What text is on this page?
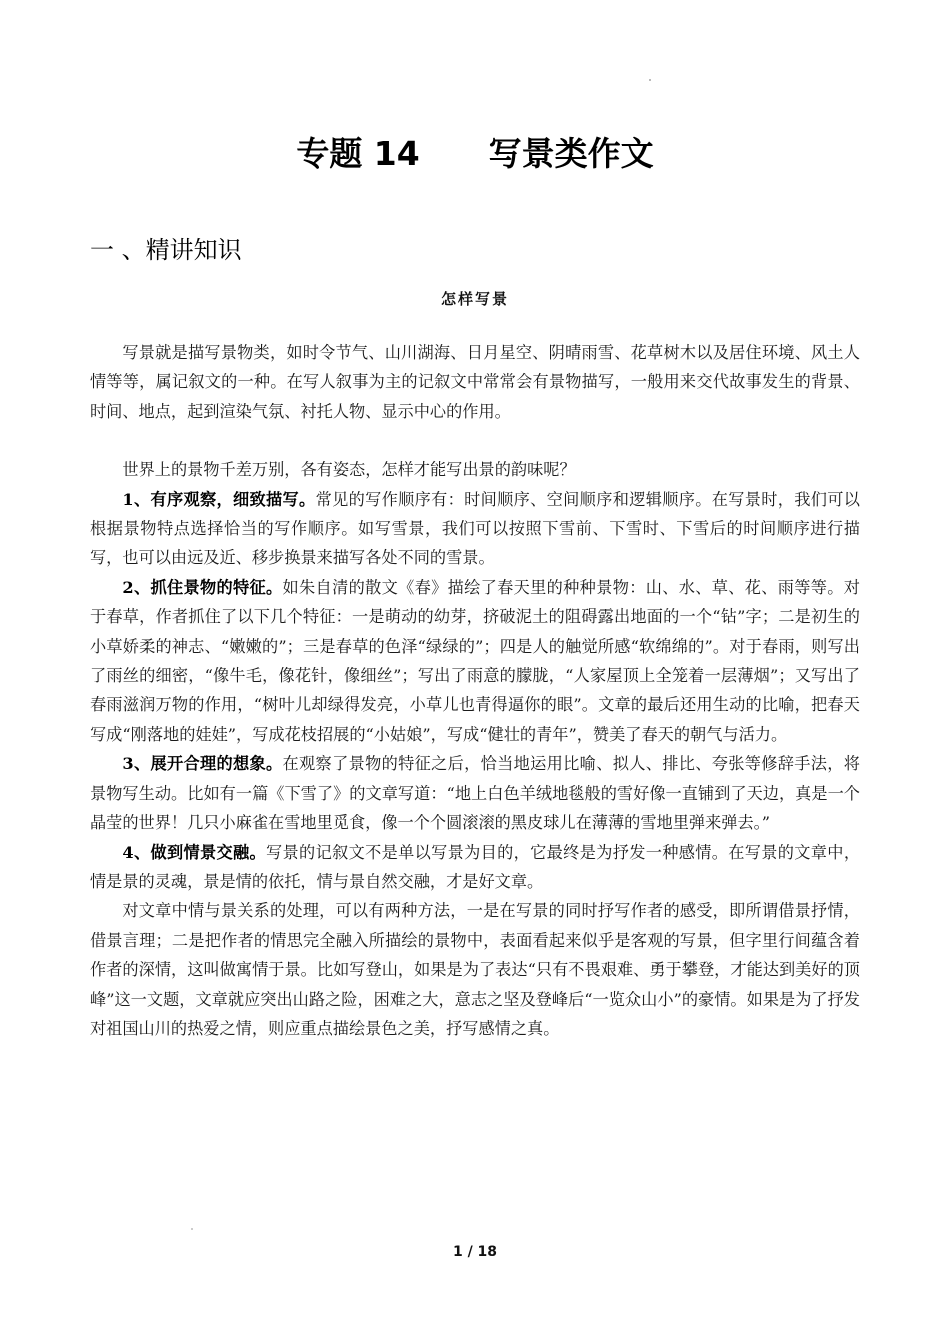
专题 14      写景类作文
一 、精讲知识
怎样写景

写景就是描写景物类，如时令节气、山川湖海、日月星空、阴晴雨雪、花草树木以及居住环境、风土人情等等，属记叙文的一种。在写人叙事为主的记叙文中常常会有景物描写，一般用来交代故事发生的背景、时间、地点，起到渲染气氛、衬托人物、显示中心的作用。

世界上的景物千差万别，各有姿态，怎样才能写出景的韵味呢？

1、有序观察，细致描写。常见的写作顺序有：时间顺序、空间顺序和逻辑顺序。在写景时，我们可以根据景物特点选择恰当的写作顺序。如写雪景，我们可以按照下雪前、下雪时、下雪后的时间顺序进行描写，也可以由远及近、移步换景来描写各处不同的雪景。

2、抓住景物的特征。如朱自清的散文《春》描绘了春天里的种种景物：山、水、草、花、雨等等。对于春草，作者抓住了以下几个特征：一是萌动的幼芽，挤破泥土的阻碍露出地面的一个“钻”字；二是初生的小草娇柔的神志、“嫩嫩的”；三是春草的色泽“绿绿的”；四是人的触觉所感“软绵绵的”。对于春雨，则写出了雨丝的细密，“像牛毛，像花针，像细丝”；写出了雨意的朦胧，“人家屋顶上全笼着一层薄烟”；又写出了春雨滋润万物的作用，“树叶儿却绿得发亮，小草儿也青得逼你的眼”。文章的最后还用生动的比喻，把春天写成“刚落地的娃娃”，写成花枝招展的“小姑娘”，写成“健壮的青年”，赞美了春天的朝气与活力。

3、展开合理的想象。在观察了景物的特征之后，恰当地运用比喻、拟人、排比、夸张等修辞手法，将景物写生动。比如有一篇《下雪了》的文章写道：“地上白色羊绒地毯般的雪好像一直铺到了天边，真是一个晶莹的世界！几只小麻雀在雪地里觅食，像一个个圆滚滚的黑皮球儿在薄薄的雪地里弹来弹去。”

4、做到情景交融。写景的记叙文不是单以写景为目的，它最终是为抒发一种感情。在写景的文章中，情是景的灵魂，景是情的依托，情与景自然交融，才是好文章。

对文章中情与景关系的处理，可以有两种方法，一是在写景的同时抒写作者的感受，即所谓借景抒情，借景言理；二是把作者的情思完全融入所描绘的景物中，表面看起来似乎是客观的写景，但字里行间蕴含着作者的深情，这叫做寓情于景。比如写登山，如果是为了表达“只有不畏艰难、勇于攀登，才能达到美好的顶峰”这一文题，文章就应突出山路之险，困难之大，意志之坚及登峰后“一览众山小”的豪情。如果是为了抒发对祖国山川的热爱之情，则应重点描绘景色之美，抒写感情之真。

1 / 18
